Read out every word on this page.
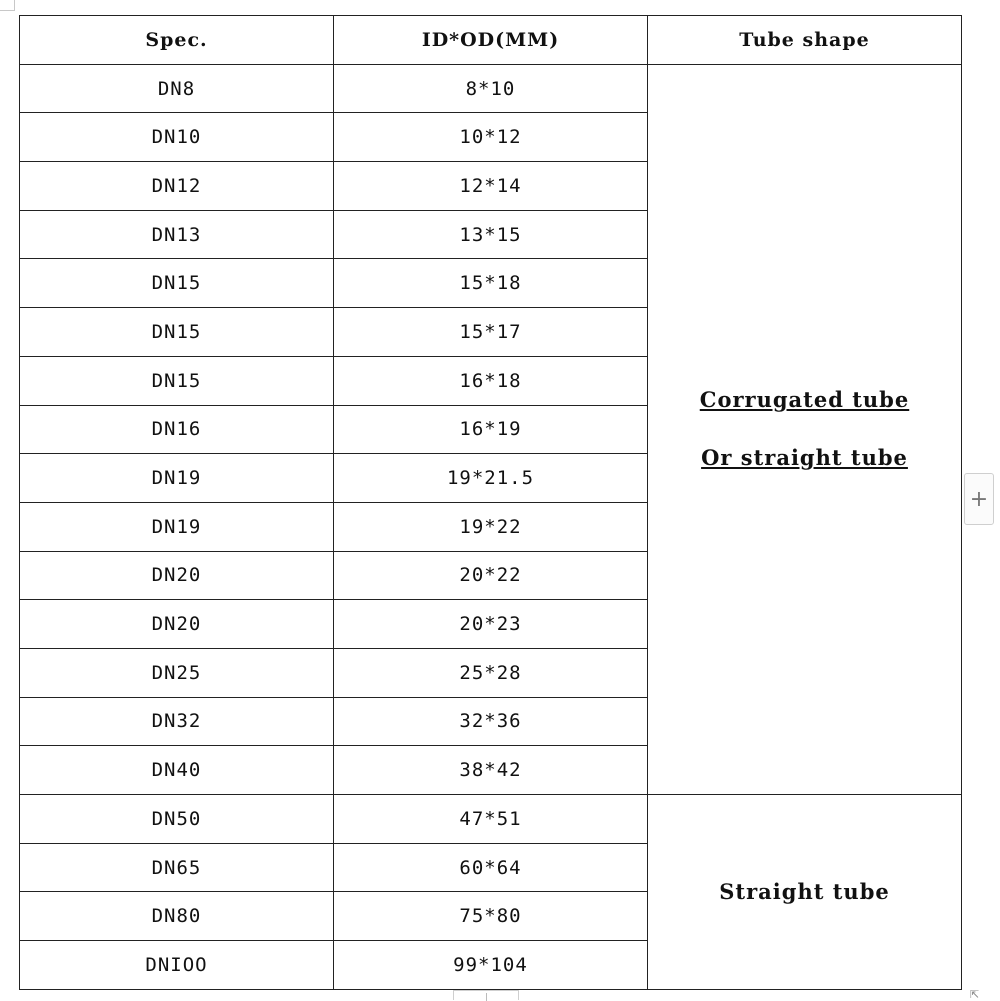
Spec.	ID*OD(MM)	Tube shape
DN8	8*10	Corrugated tube
Or straight tube

DN10	10*12	
DN12	12*14	
DN13	13*15	
DN15	15*18	
DN15	15*17	
DN15	16*18	
DN16	16*19	
DN19	19*21.5	
DN19	19*22	
DN20	20*22	
DN20	20*23	
DN25	25*28	
DN32	32*36	
DN40	38*42	
DN50	47*51	Straight tube

DN65	60*64	
DN80	75*80	
DNIOO	99*104	
+
⇱
